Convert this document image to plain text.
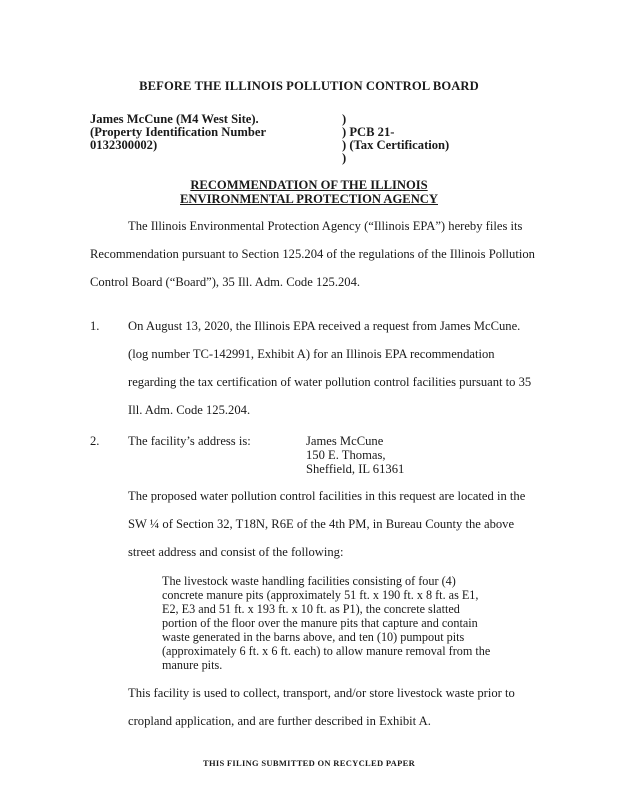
BEFORE THE ILLINOIS POLLUTION CONTROL BOARD
James McCune (M4 West Site).
(Property Identification Number
0132300002)
)
) PCB 21-
) (Tax Certification)
)
RECOMMENDATION OF THE ILLINOIS
ENVIRONMENTAL PROTECTION AGENCY
The Illinois Environmental Protection Agency (“Illinois EPA”) hereby files its
Recommendation pursuant to Section 125.204 of the regulations of the Illinois Pollution
Control Board (“Board”), 35 Ill. Adm. Code 125.204.
1. On August 13, 2020, the Illinois EPA received a request from James McCune.
(log number TC-142991, Exhibit A) for an Illinois EPA recommendation
regarding the tax certification of water pollution control facilities pursuant to 35
Ill. Adm. Code 125.204.
2. The facility’s address is:	James McCune
150 E. Thomas,
Sheffield, IL 61361
The proposed water pollution control facilities in this request are located in the
SW ¼ of Section 32, T18N, R6E of the 4th PM, in Bureau County the above
street address and consist of the following:
The livestock waste handling facilities consisting of four (4)
concrete manure pits (approximately 51 ft. x 190 ft. x 8 ft. as E1,
E2, E3 and 51 ft. x 193 ft. x 10 ft. as P1), the concrete slatted
portion of the floor over the manure pits that capture and contain
waste generated in the barns above, and ten (10) pumpout pits
(approximately 6 ft. x 6 ft. each) to allow manure removal from the
manure pits.
This facility is used to collect, transport, and/or store livestock waste prior to
cropland application, and are further described in Exhibit A.
THIS FILING SUBMITTED ON RECYCLED PAPER
